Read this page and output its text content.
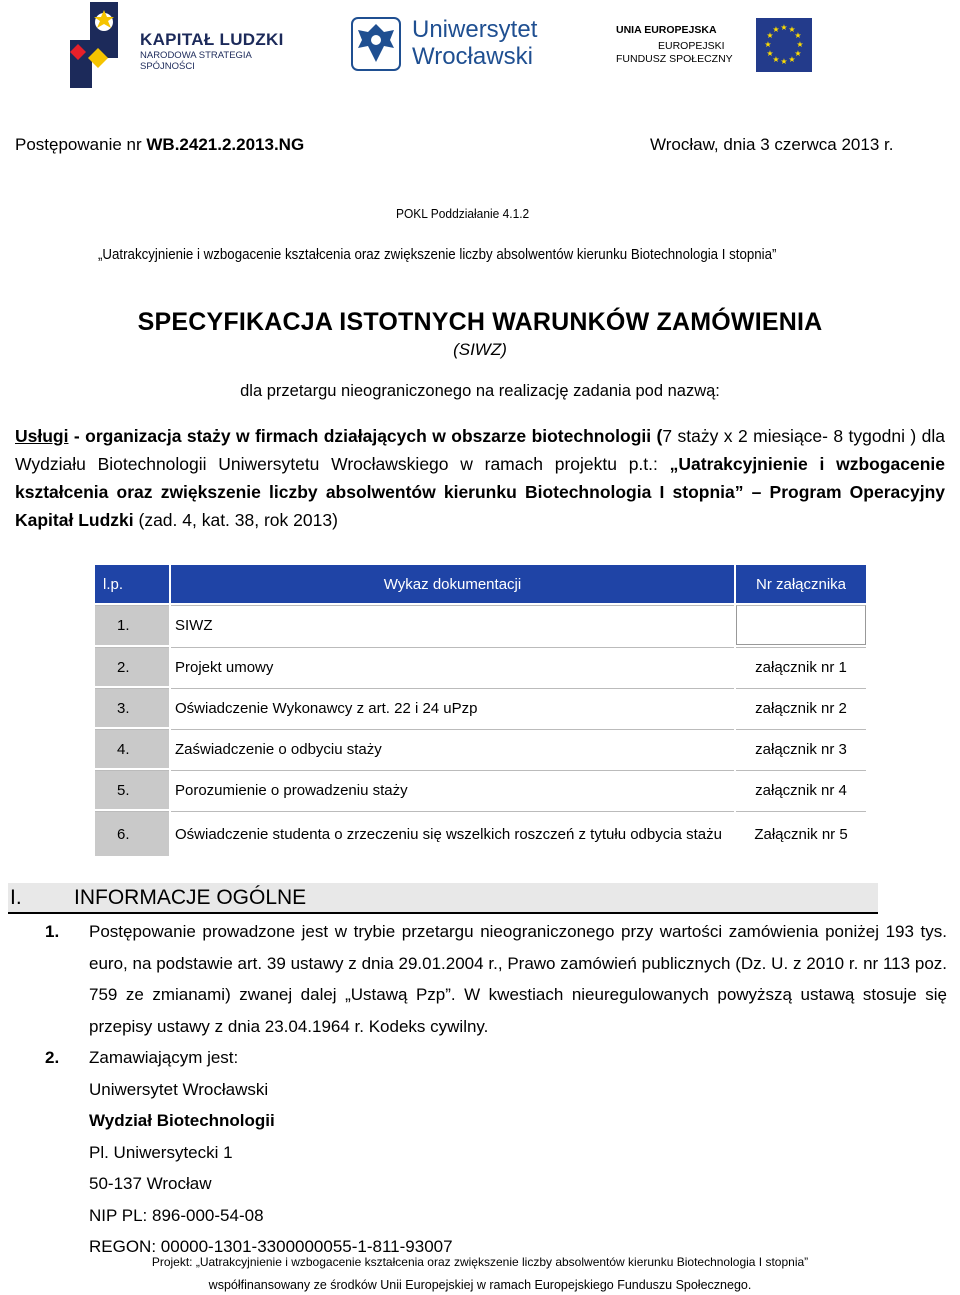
KAPITAŁ LUDZKI
NARODOWA STRATEGIA SPÓJNOŚCI
Uniwersytet
Wrocławski
UNIA EUROPEJSKA
EUROPEJSKI
FUNDUSZ SPOŁECZNY
★ ★
★
★
★
★
★
★
★
★
★
★
Postępowanie nr WB.2421.2.2013.NG	Wrocław, dnia 3 czerwca 2013 r.
POKL Poddziałanie 4.1.2
„Uatrakcyjnienie i wzbogacenie kształcenia oraz zwiększenie liczby absolwentów kierunku Biotechnologia I stopnia”
SPECYFIKACJA ISTOTNYCH WARUNKÓW ZAMÓWIENIA
(SIWZ)
dla przetargu nieograniczonego na realizację zadania pod nazwą:
Usługi - organizacja staży w firmach działających w obszarze biotechnologii (7 staży x 2 miesiące- 8 tygodni ) dla Wydziału Biotechnologii Uniwersytetu Wrocławskiego w ramach projektu p.t.: „Uatrakcyjnienie i wzbogacenie kształcenia oraz zwiększenie liczby absolwentów kierunku Biotechnologia I stopnia” – Program Operacyjny Kapitał Ludzki (zad. 4, kat. 38, rok 2013)
l.p.	Wykaz dokumentacji	Nr załącznika
1.	SIWZ	
2.	Projekt umowy	załącznik nr 1
3.	Oświadczenie Wykonawcy z art. 22 i 24 uPzp	załącznik nr 2
4.	Zaświadczenie o odbyciu staży	załącznik nr 3
5.	Porozumienie o prowadzeniu staży	załącznik nr 4
6.	Oświadczenie studenta o zrzeczeniu się wszelkich roszczeń z tytułu odbycia stażu	Załącznik nr 5
I. INFORMACJE OGÓLNE
1. Postępowanie prowadzone jest w trybie przetargu nieograniczonego przy wartości zamówienia poniżej 193 tys. euro, na podstawie art. 39 ustawy z dnia 29.01.2004 r., Prawo zamówień publicznych (Dz. U. z 2010 r. nr 113 poz. 759 ze zmianami) zwanej dalej „Ustawą Pzp”. W kwestiach nieuregulowanych powyższą ustawą stosuje się przepisy ustawy z dnia 23.04.1964 r. Kodeks cywilny.
2. Zamawiającym jest:
Uniwersytet Wrocławski
Wydział Biotechnologii
Pl. Uniwersytecki 1
50-137 Wrocław
NIP PL: 896-000-54-08
REGON: 00000-1301-3300000055-1-811-93007
Projekt: „Uatrakcyjnienie i wzbogacenie kształcenia oraz zwiększenie liczby absolwentów kierunku Biotechnologia I stopnia”
współfinansowany ze środków Unii Europejskiej w ramach Europejskiego Funduszu Społecznego.
